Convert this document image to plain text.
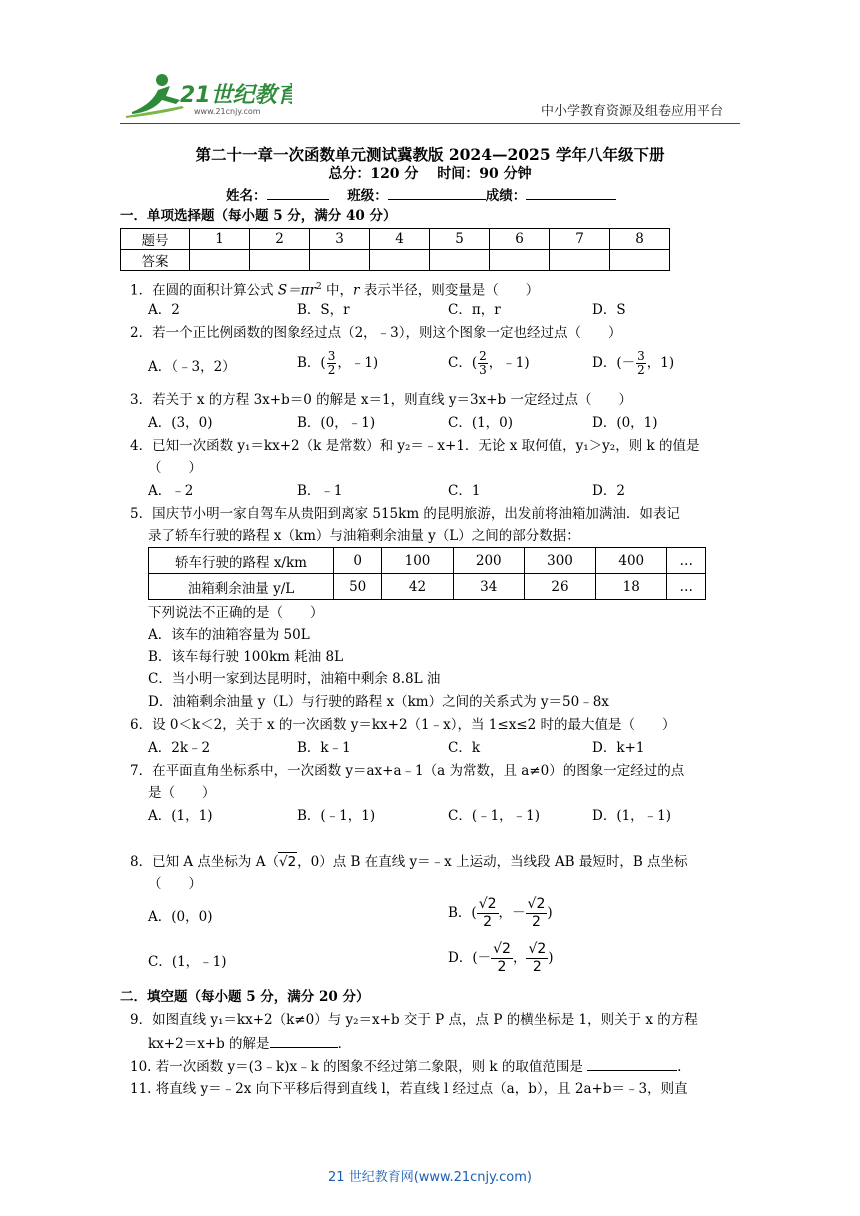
21世纪教育
www.21cnjy.com	中小学教育资源及组卷应用平台
第二十一章一次函数单元测试冀教版 2024—2025 学年八年级下册
总分：120 分　 时间：90 分钟
姓名：	班级：	成绩：
一．单项选择题（每小题 5 分，满分 40 分）
题号	1	2	3	4	5	6	7	8
答案								
1．在圆的面积计算公式 $S=\pi r^2$ 中，r 表示半径，则变量是（　　）
A．2	B．S，r	C．π，r	D．S
2．若一个正比例函数的图象经过点（2，﹣3），则这个图象一定也经过点（　　）
A．（﹣3，2）	B．( $\frac{3}{2}$ ，﹣1)	C．( $\frac{2}{3}$ ，﹣1)	D．(－ $\frac{3}{2}$ ，1)
3．若关于 x 的方程 3x+b＝0 的解是 x＝1，则直线 y＝3x+b 一定经过点（　　）
A．(3，0)	B．(0，﹣1)	C．(1，0)	D．(0，1)
4．已知一次函数 y₁＝kx+2（k 是常数）和 y₂＝﹣x+1．无论 x 取何值，y₁＞y₂，则 k 的值是
（　　）
A．﹣2	B．﹣1	C．1	D．2
5．国庆节小明一家自驾车从贵阳到离家 515km 的昆明旅游，出发前将油箱加满油．如表记
录了轿车行驶的路程 x（km）与油箱剩余油量 y（L）之间的部分数据：
轿车行驶的路程 x/km	0	100	200	300	400	…
油箱剩余油量 y/L	50	42	34	26	18	…
下列说法不正确的是（　　）
A．该车的油箱容量为 50L
B．该车每行驶 100km 耗油 8L
C．当小明一家到达昆明时，油箱中剩余 8.8L 油
D．油箱剩余油量 y（L）与行驶的路程 x（km）之间的关系式为 y＝50﹣8x
6．设 0＜k＜2，关于 x 的一次函数 y＝kx+2（1﹣x），当 1≤x≤2 时的最大值是（　　）
A．2k﹣2	B．k﹣1	C．k	D．k+1
7．在平面直角坐标系中，一次函数 y＝ax+a﹣1（a 为常数，且 a≠0）的图象一定经过的点
是（　　）
A．(1，1)	B．(﹣1，1)	C．(﹣1，﹣1)	D．(1，﹣1)
8．已知 A 点坐标为 A（√2，0）点 B 在直线 y＝﹣x 上运动，当线段 AB 最短时，B 点坐标
（　　）
A．(0，0)	B．( $\frac{√2}{2}$ ，－ $\frac{√2}{2}$ )
C．(1，﹣1)	D．(－ $\frac{√2}{2}$ ， $\frac{√2}{2}$ )
二．填空题（每小题 5 分，满分 20 分）
9．如图直线 y₁＝kx+2（k≠0）与 y₂＝x+b 交于 P 点，点 P 的横坐标是 1，则关于 x 的方程
kx+2＝x+b 的解是	．
10. 若一次函数 y＝(3﹣k)x﹣k 的图象不经过第二象限，则 k 的取值范围是	.
11. 将直线 y＝﹣2x 向下平移后得到直线 l，若直线 l 经过点（a，b），且 2a+b＝﹣3，则直
21 世纪教育网(www.21cnjy.com)
